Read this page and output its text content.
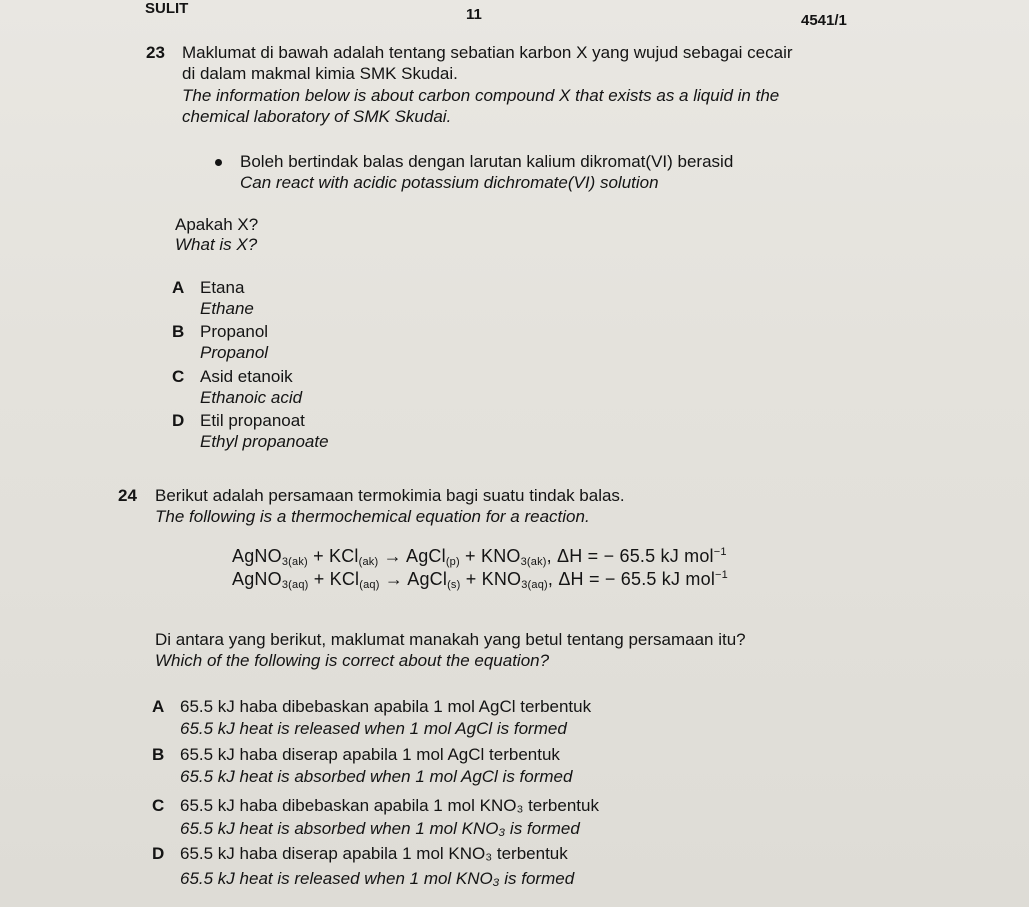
SULIT	11	4541/1
23 Maklumat di bawah adalah tentang sebatian karbon X yang wujud sebagai cecair
di dalam makmal kimia SMK Skudai.
The information below is about carbon compound X that exists as a liquid in the
chemical laboratory of SMK Skudai.
Boleh bertindak balas dengan larutan kalium dikromat(VI) berasid
Can react with acidic potassium dichromate(VI) solution
Apakah X?
What is X?
A Etana
Ethane
B Propanol
Propanol
C Asid etanoik
Ethanoic acid
D Etil propanoat
Ethyl propanoate
24 Berikut adalah persamaan termokimia bagi suatu tindak balas.
The following is a thermochemical equation for a reaction.
AgNO$_{3(ak)}$ + KCl$_{(ak)}$ → AgCl$_{(p)}$ + $KNO_{3(ak)}$, ΔH = − 65.5 kJ mol$^{-1}$
AgNO$_{3(aq)}$ + KCl$_{(aq)}$ → AgCl$_{(s)}$ + $KNO_{3(aq)}$, ΔH = − 65.5 kJ mol$^{-1}$
Di antara yang berikut, maklumat manakah yang betul tentang persamaan itu?
Which of the following is correct about the equation?
A 65.5 kJ haba dibebaskan apabila 1 mol AgCl terbentuk
65.5 kJ heat is released when 1 mol AgCl is formed
B 65.5 kJ haba diserap apabila 1 mol AgCl terbentuk
65.5 kJ heat is absorbed when 1 mol AgCl is formed
C 65.5 kJ haba dibebaskan apabila 1 mol KNO₃ terbentuk
65.5 kJ heat is absorbed when 1 mol KNO₃ is formed
D 65.5 kJ haba diserap apabila 1 mol KNO₃ terbentuk
65.5 kJ heat is released when 1 mol KNO₃ is formed
